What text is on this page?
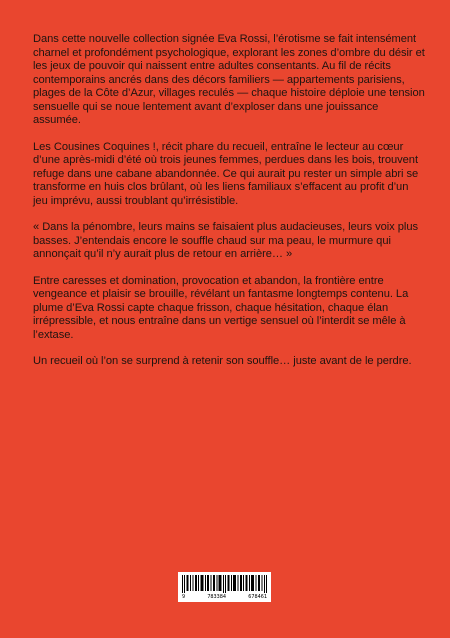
Dans cette nouvelle collection signée Eva Rossi, l’érotisme se fait intensément charnel et profondément psychologique, explorant les zones d’ombre du désir et les jeux de pouvoir qui naissent entre adultes consentants. Au fil de récits contemporains ancrés dans des décors familiers — appartements parisiens, plages de la Côte d’Azur, villages reculés — chaque histoire déploie une tension sensuelle qui se noue lentement avant d’exploser dans une jouissance assumée.

Les Cousines Coquines !, récit phare du recueil, entraîne le lecteur au cœur d’une après-midi d’été où trois jeunes femmes, perdues dans les bois, trouvent refuge dans une cabane abandonnée. Ce qui aurait pu rester un simple abri se transforme en huis clos brûlant, où les liens familiaux s’effacent au profit d’un jeu imprévu, aussi troublant qu’irrésistible.

« Dans la pénombre, leurs mains se faisaient plus audacieuses, leurs voix plus basses. J’entendais encore le souffle chaud sur ma peau, le murmure qui annonçait qu’il n’y aurait plus de retour en arrière… »

Entre caresses et domination, provocation et abandon, la frontière entre vengeance et plaisir se brouille, révélant un fantasme longtemps contenu. La plume d’Eva Rossi capte chaque frisson, chaque hésitation, chaque élan irrépressible, et nous entraîne dans un vertige sensuel où l’interdit se mêle à l’extase.

Un recueil où l’on se surprend à retenir son souffle… juste avant de le perdre.

9	783384	678461
